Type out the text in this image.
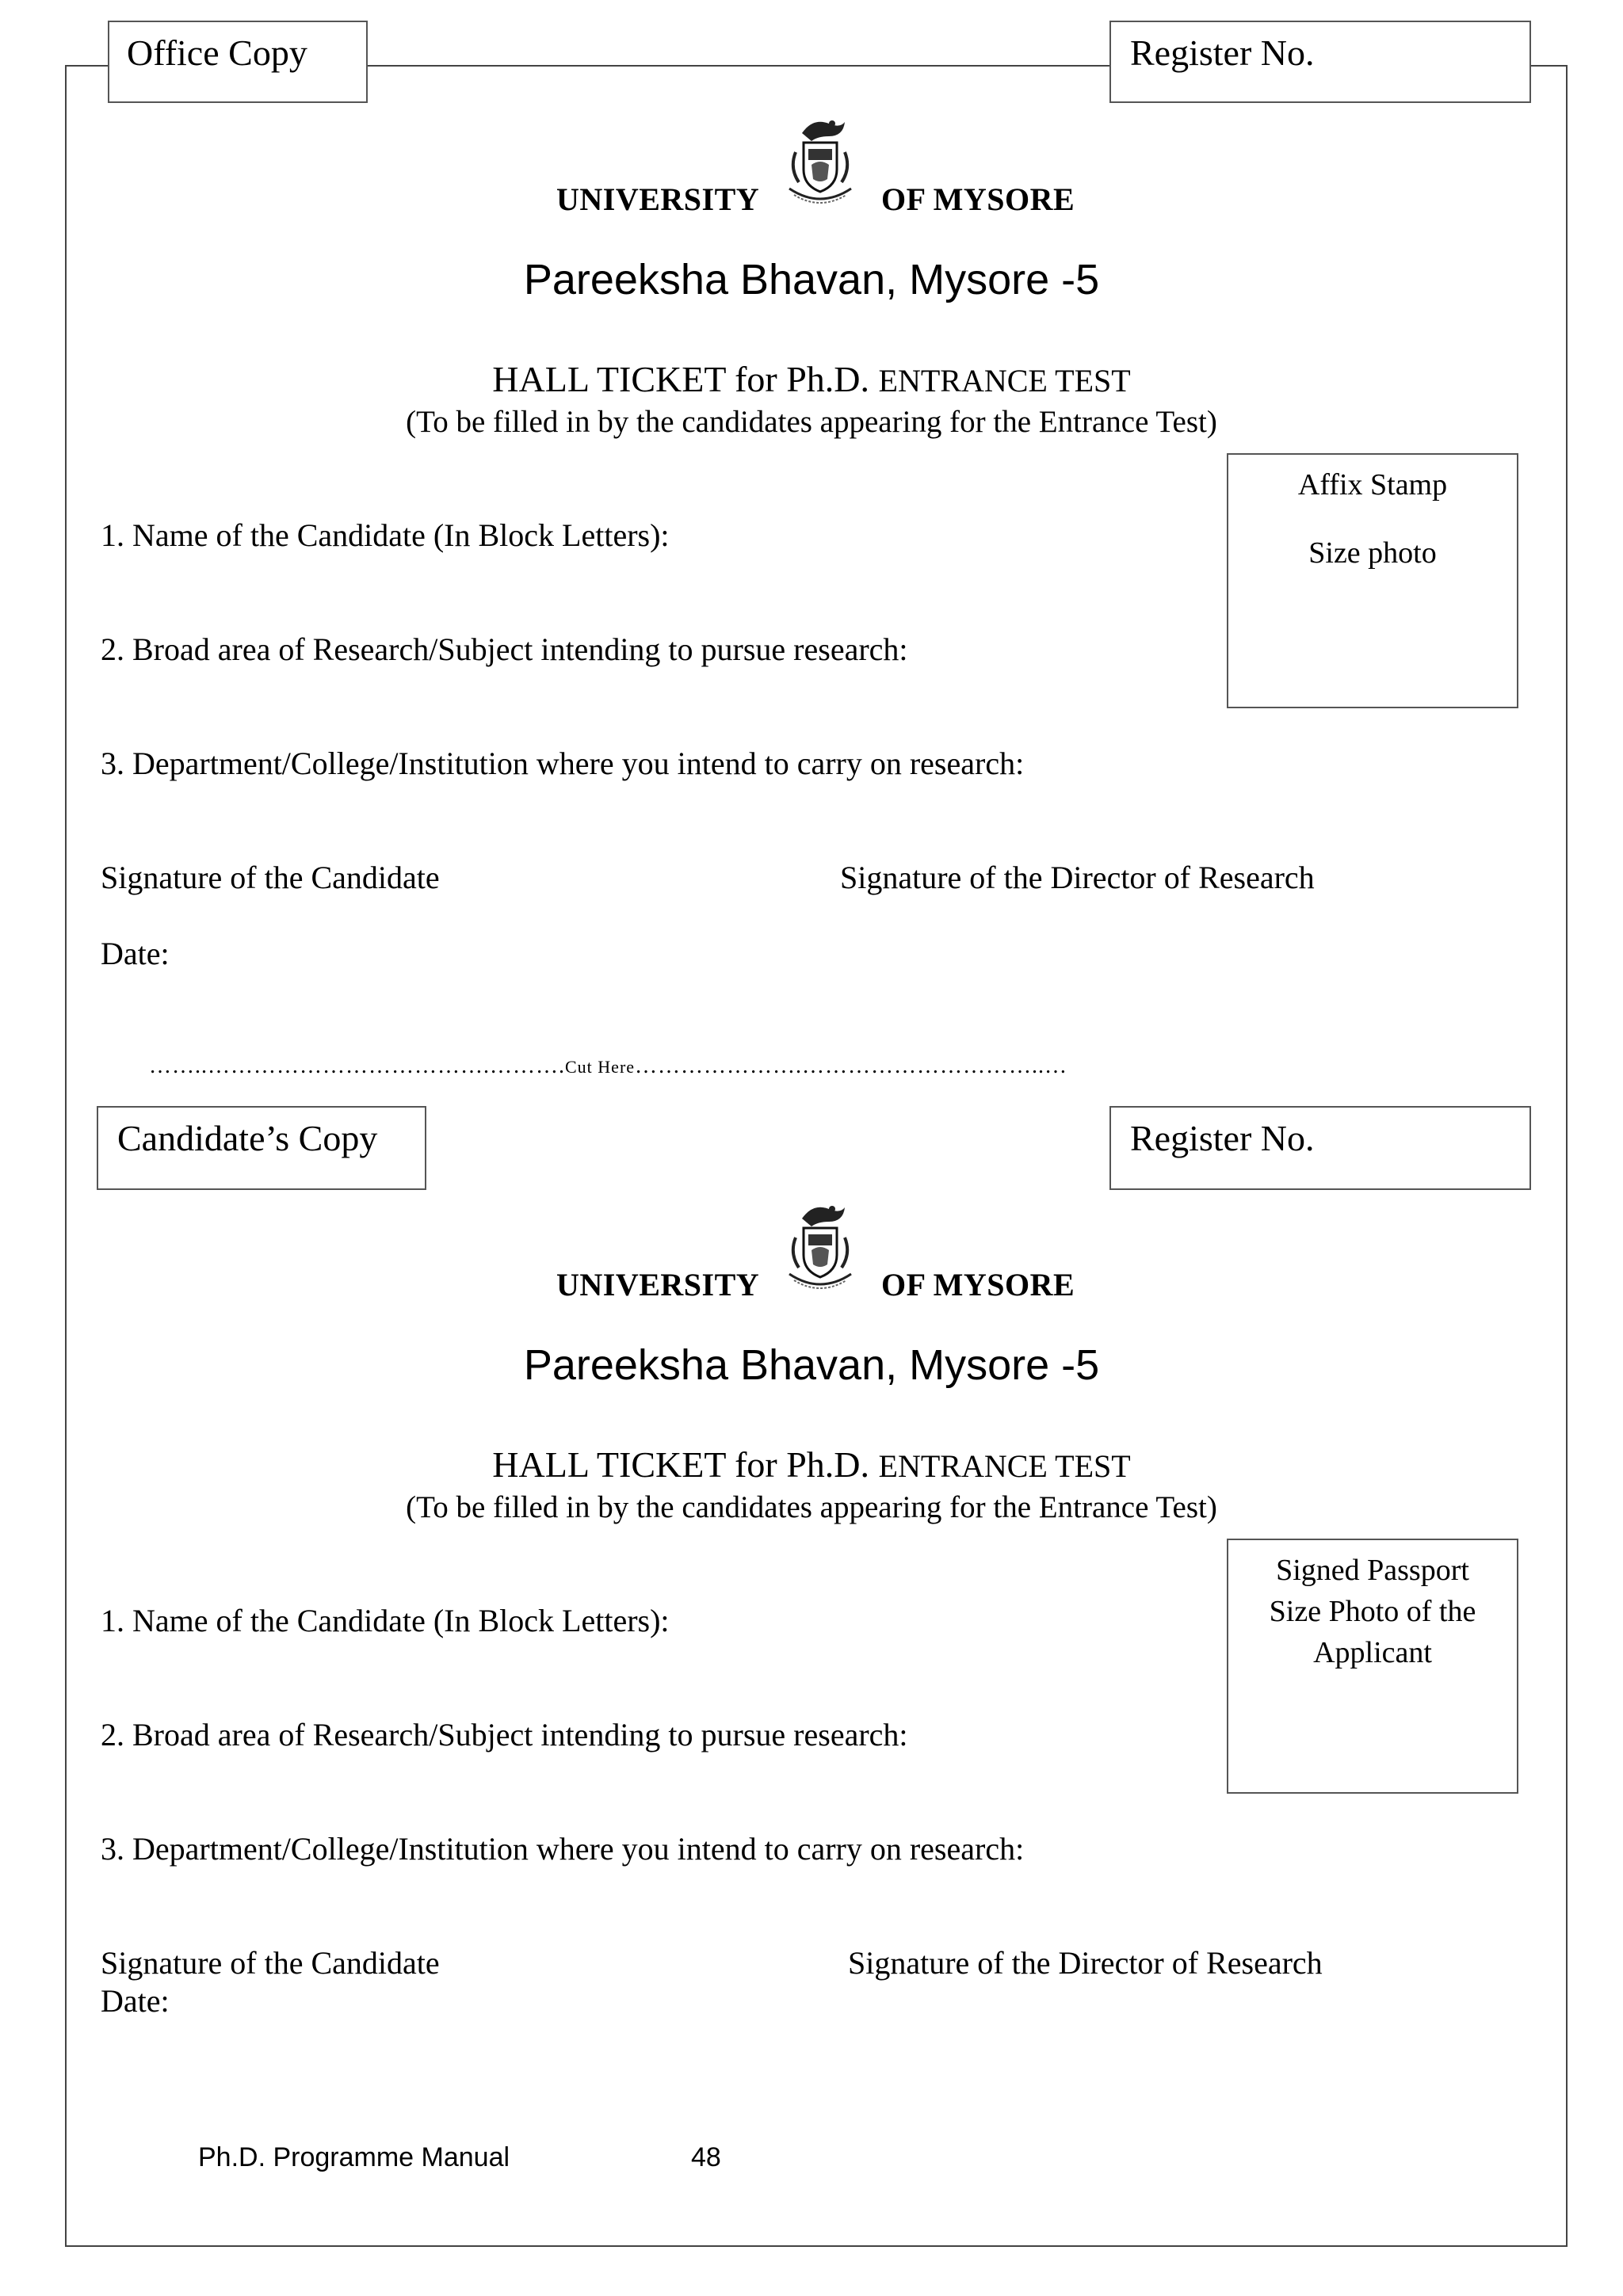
Office Copy	Register No.
UNIVERSITY	OF MYSORE
Pareeksha Bhavan, Mysore -5
HALL TICKET for Ph.D. ENTRANCE TEST
(To be filled in by the candidates appearing for the Entrance Test)
Affix Stamp
Size photo
1. Name of the Candidate (In Block Letters):
2. Broad area of Research/Subject intending to pursue research:
3. Department/College/Institution where you intend to carry on research:
Signature of the Candidate	Signature of the Director of Research
Date:
……..……………………………….……….Cut Here………………….…………………………..…
Candidate’s Copy	Register No.
UNIVERSITY	OF MYSORE
Pareeksha Bhavan, Mysore -5
HALL TICKET for Ph.D. ENTRANCE TEST
(To be filled in by the candidates appearing for the Entrance Test)
Signed Passport
Size Photo of the
Applicant
1. Name of the Candidate (In Block Letters):
2. Broad area of Research/Subject intending to pursue research:
3. Department/College/Institution where you intend to carry on research:
Signature of the Candidate	Signature of the Director of Research
Date:
Ph.D. Programme Manual	48
